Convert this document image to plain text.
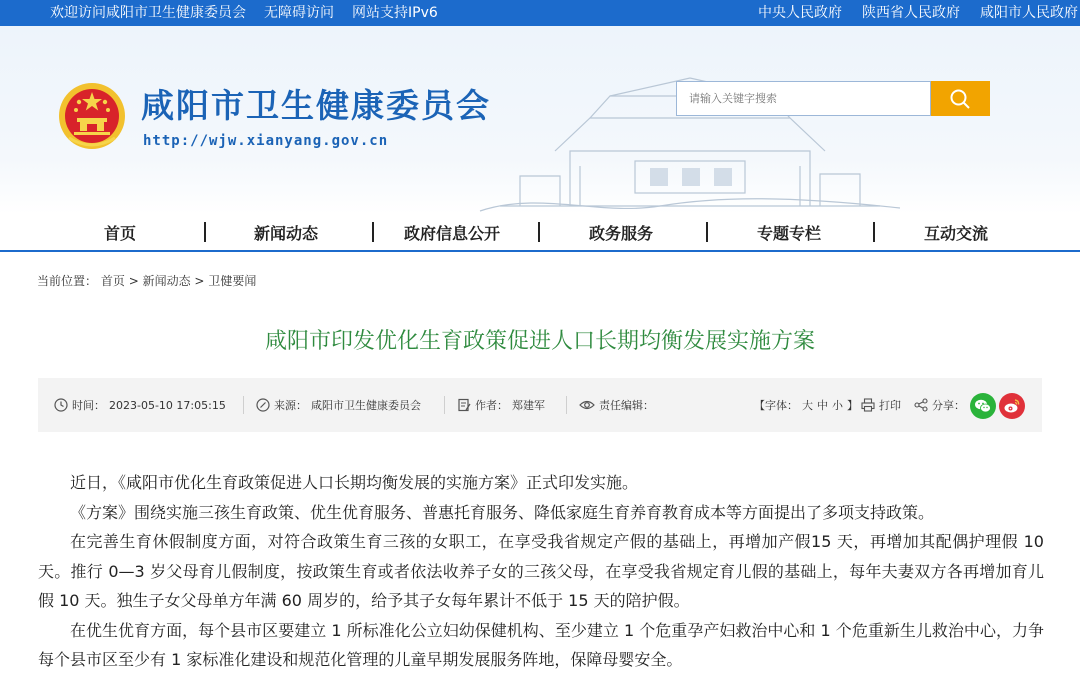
欢迎访问咸阳市卫生健康委员会 无障碍访问 网站支持IPv6	中央人民政府 陕西省人民政府 咸阳市人民政府
咸阳市卫生健康委员会
http://wjw.xianyang.gov.cn
请输入关键字搜索
首页	新闻动态	政府信息公开	政务服务	专题专栏	互动交流
当前位置： 首页 > 新闻动态 > 卫健要闻
咸阳市印发优化生育政策促进人口长期均衡发展实施方案
时间： 2023-05-10 17:05:15	来源： 咸阳市卫生健康委员会	作者： 郑建军	责任编辑：	【字体： 大 中 小 】 打印	分享：

近日，《咸阳市优化生育政策促进人口长期均衡发展的实施方案》正式印发实施。

《方案》围绕实施三孩生育政策、优生优育服务、普惠托育服务、降低家庭生育养育教育成本等方面提出了多项支持政策。

在完善生育休假制度方面，对符合政策生育三孩的女职工，在享受我省规定产假的基础上，再增加产假15 天，再增加其配偶护理假 10 天。推行 0—3 岁父母育儿假制度，按政策生育或者依法收养子女的三孩父母，在享受我省规定育儿假的基础上，每年夫妻双方各再增加育儿假 10 天。独生子女父母单方年满 60 周岁的，给予其子女每年累计不低于 15 天的陪护假。

在优生优育方面，每个县市区要建立 1 所标准化公立妇幼保健机构、至少建立 1 个危重孕产妇救治中心和 1 个危重新生儿救治中心，力争每个县市区至少有 1 家标准化建设和规范化管理的儿童早期发展服务阵地，保障母婴安全。
